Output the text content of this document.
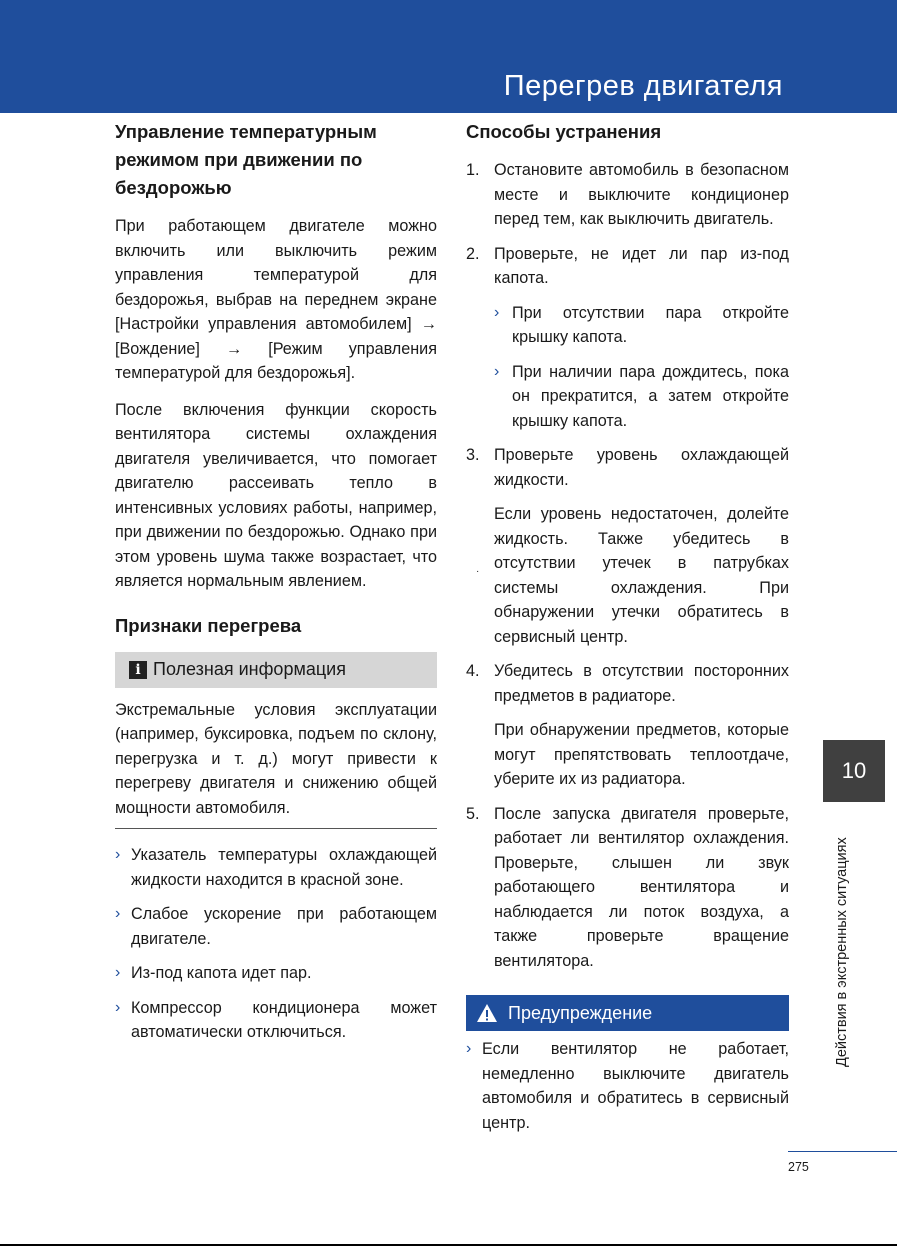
Перегрев двигателя
Управление температурным режимом при движении по бездорожью

При работающем двигателе можно включить или выключить режим управления температурой для бездорожья, выбрав на переднем экране [Настройки управления автомобилем] → [Вождение] → [Режим управления температурой для бездорожья].

После включения функции скорость вентилятора системы охлаждения двигателя увеличивается, что помогает двигателю рассеивать тепло в интенсивных условиях работы, например, при движении по бездорожью. Однако при этом уровень шума также возрастает, что является нормальным явлением.

Признаки перегрева
i Полезная информация

Экстремальные условия эксплуатации (например, буксировка, подъем по склону, перегрузка и т. д.) могут привести к перегреву двигателя и снижению общей мощности автомобиля.

› Указатель температуры охлаждающей жидкости находится в красной зоне.
› Слабое ускорение при работающем двигателе.
› Из-под капота идет пар.
› Компрессор кондиционера может автоматически отключиться.
Способы устранения
1. Остановите автомобиль в безопасном месте и выключите кондиционер перед тем, как выключить двигатель.
2. Проверьте, не идет ли пар из-под капота.
› При отсутствии пара откройте крышку капота.
› При наличии пара дождитесь, пока он прекратится, а затем откройте крышку капота.
3. Проверьте уровень охлаждающей жидкости.
Если уровень недостаточен, долейте жидкость. Также убедитесь в отсутствии утечек в патрубках системы охлаждения. При обнаружении утечки обратитесь в сервисный центр.
4. Убедитесь в отсутствии посторонних предметов в радиаторе.
При обнаружении предметов, которые могут препятствовать теплоотдаче, уберите их из радиатора.
5. После запуска двигателя проверьте, работает ли вентилятор охлаждения. Проверьте, слышен ли звук работающего вентилятора и наблюдается ли поток воздуха, а также проверьте вращение вентилятора.
Предупреждение
› Если вентилятор не работает, немедленно выключите двигатель автомобиля и обратитесь в сервисный центр.
·
10
Действия в экстренных ситуациях
275
